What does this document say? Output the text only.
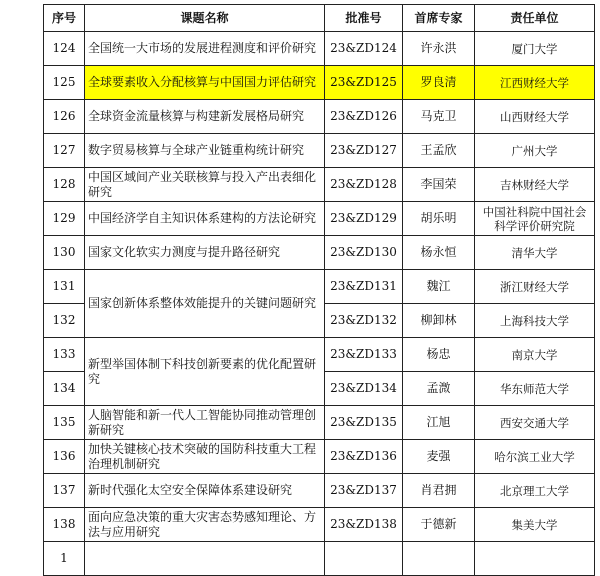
序号	课题名称	批准号	首席专家	责任单位
124	全国统一大市场的发展进程测度和评价研究	23&ZD124	许永洪	厦门大学
125	全球要素收入分配核算与中国国力评估研究	23&ZD125	罗良清	江西财经大学
126	全球资金流量核算与构建新发展格局研究	23&ZD126	马克卫	山西财经大学
127	数字贸易核算与全球产业链重构统计研究	23&ZD127	王孟欣	广州大学
128	中国区域间产业关联核算与投入产出表细化研究	23&ZD128	李国荣	吉林财经大学
129	中国经济学自主知识体系建构的方法论研究	23&ZD129	胡乐明	中国社科院中国社会科学评价研究院
130	国家文化软实力测度与提升路径研究	23&ZD130	杨永恒	清华大学
131	国家创新体系整体效能提升的关键问题研究	23&ZD131	魏江	浙江财经大学
132		23&ZD132	柳卸林	上海科技大学
133	新型举国体制下科技创新要素的优化配置研究	23&ZD133	杨忠	南京大学
134		23&ZD134	孟溦	华东师范大学
135	人脑智能和新一代人工智能协同推动管理创新研究	23&ZD135	江旭	西安交通大学
136	加快关键核心技术突破的国防科技重大工程治理机制研究	23&ZD136	麦强	哈尔滨工业大学
137	新时代强化太空安全保障体系建设研究	23&ZD137	肖君拥	北京理工大学
138	面向应急决策的重大灾害态势感知理论、方法与应用研究	23&ZD138	于德新	集美大学
1				
